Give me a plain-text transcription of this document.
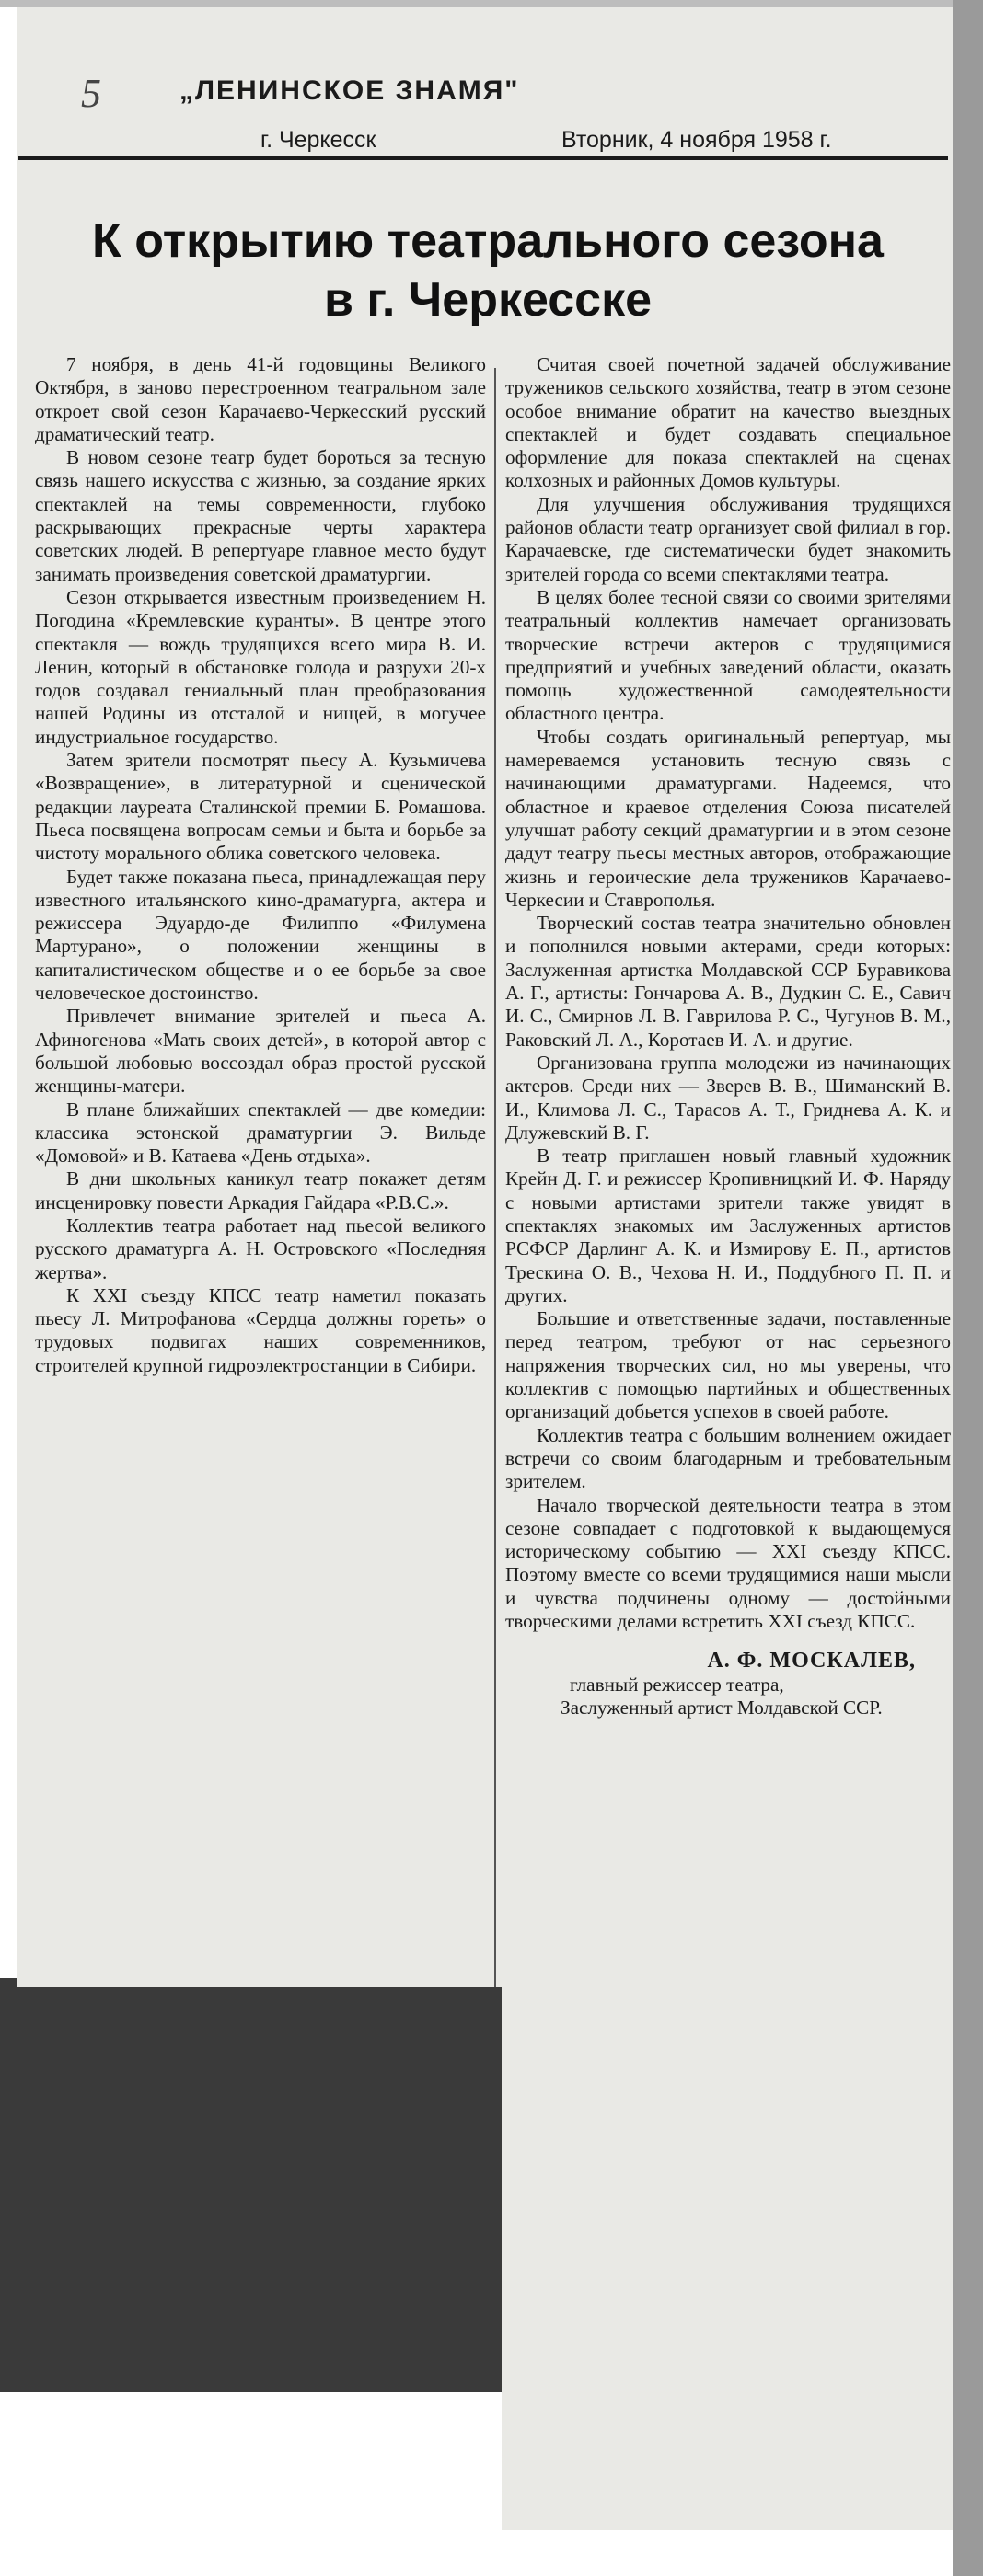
5	„ЛЕНИНСКОЕ ЗНАМЯ"
г. Черкесск	Вторник, 4 ноября 1958 г.
К открытию театрального сезона
в г. Черкесске

7 ноября, в день 41-й годовщины Великого Октября, в заново перестроенном театральном зале откроет свой сезон Карачаево-Черкесский русский драматический театр.

В новом сезоне театр будет бороться за тесную связь нашего искусства с жизнью, за создание ярких спектаклей на темы современности, глубоко раскрывающих прекрасные черты характера советских людей. В репертуаре главное место будут занимать произведения советской драматургии.

Сезон открывается известным произведением Н. Погодина «Кремлевские куранты». В центре этого спектакля — вождь трудящихся всего мира В. И. Ленин, который в обстановке голода и разрухи 20-х годов создавал гениальный план преобразования нашей Родины из отсталой и нищей, в могучее индустриальное государство.

Затем зрители посмотрят пьесу А. Кузьмичева «Возвращение», в литературной и сценической редакции лауреата Сталинской премии Б. Ромашова. Пьеса посвящена вопросам семьи и быта и борьбе за чистоту морального облика советского человека.

Будет также показана пьеса, принадлежащая перу известного итальянского кино-драматурга, актера и режиссера Эдуардо-де Филиппо «Филумена Мартурано», о положении женщины в капиталистическом обществе и о ее борьбе за свое человеческое достоинство.

Привлечет внимание зрителей и пьеса А. Афиногенова «Мать своих детей», в которой автор с большой любовью воссоздал образ простой русской женщины-матери.

В плане ближайших спектаклей — две комедии: классика эстонской драматургии Э. Вильде «Домовой» и В. Катаева «День отдыха».

В дни школьных каникул театр покажет детям инсценировку повести Аркадия Гайдара «Р.В.С.».

Коллектив театра работает над пьесой великого русского драматурга А. Н. Островского «Последняя жертва».

К XXI съезду КПСС театр наметил показать пьесу Л. Митрофанова «Сердца должны гореть» о трудовых подвигах наших современников, строителей крупной гидроэлектростанции в Сибири.

Считая своей почетной задачей обслуживание тружеников сельского хозяйства, театр в этом сезоне особое внимание обратит на качество выездных спектаклей и будет создавать специальное оформление для показа спектаклей на сценах колхозных и районных Домов культуры.

Для улучшения обслуживания трудящихся районов области театр организует свой филиал в гор. Карачаевске, где систематически будет знакомить зрителей города со всеми спектаклями театра.

В целях более тесной связи со своими зрителями театральный коллектив намечает организовать творческие встречи актеров с трудящимися предприятий и учебных заведений области, оказать помощь художественной самодеятельности областного центра.

Чтобы создать оригинальный репертуар, мы намереваемся установить тесную связь с начинающими драматургами. Надеемся, что областное и краевое отделения Союза писателей улучшат работу секций драматургии и в этом сезоне дадут театру пьесы местных авторов, отображающие жизнь и героические дела тружеников Карачаево-Черкесии и Ставрополья.

Творческий состав театра значительно обновлен и пополнился новыми актерами, среди которых: Заслуженная артистка Молдавской ССР Буравикова А. Г., артисты: Гончарова А. В., Дудкин С. Е., Савич И. С., Смирнов Л. В. Гаврилова Р. С., Чугунов В. М., Раковский Л. А., Коротаев И. А. и другие.

Организована группа молодежи из начинающих актеров. Среди них — Зверев В. В., Шиманский В. И., Климова Л. С., Тарасов А. Т., Гриднева А. К. и Длужевский В. Г.

В театр приглашен новый главный художник Крейн Д. Г. и режиссер Кропивницкий И. Ф. Наряду с новыми артистами зрители также увидят в спектаклях знакомых им Заслуженных артистов РСФСР Дарлинг А. К. и Измирову Е. П., артистов Трескина О. В., Чехова Н. И., Поддубного П. П. и других.

Большие и ответственные задачи, поставленные перед театром, требуют от нас серьезного напряжения творческих сил, но мы уверены, что коллектив с помощью партийных и общественных организаций добьется успехов в своей работе.

Коллектив театра с большим волнением ожидает встречи со своим благодарным и требовательным зрителем.

Начало творческой деятельности театра в этом сезоне совпадает с подготовкой к выдающемуся историческому событию — XXI съезду КПСС. Поэтому вместе со всеми трудящимися наши мысли и чувства подчинены одному — достойными творческими делами встретить XXI съезд КПСС.

А. Ф. МОСКАЛЕВ,

главный режиссер театра,

Заслуженный артист Молдавской ССР.
